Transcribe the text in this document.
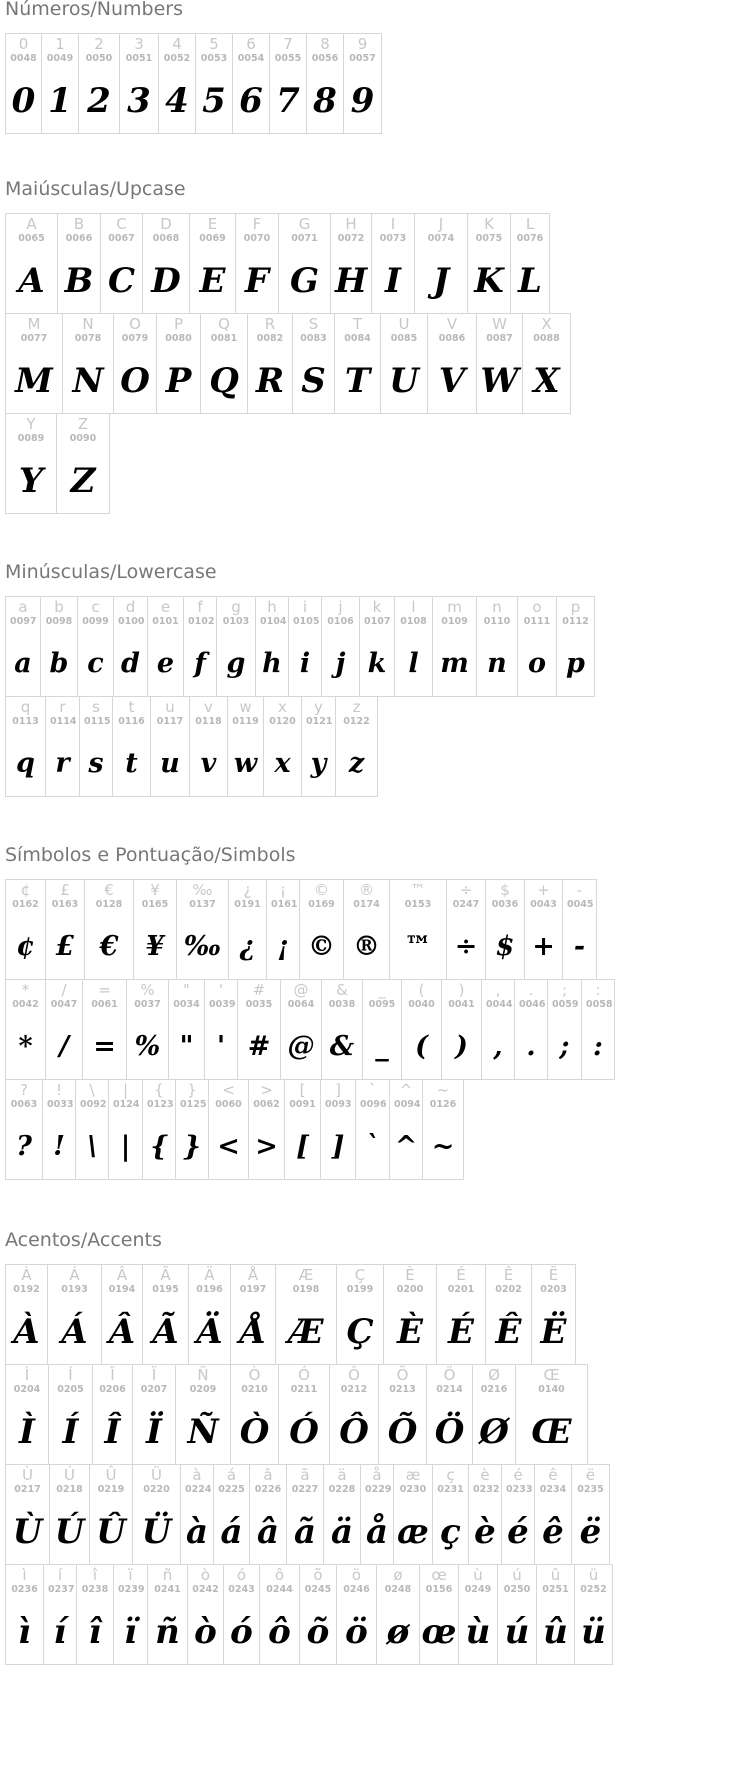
Números/Numbers
0
0048
0
1
0049
1
2
0050
2
3
0051
3
4
0052
4
5
0053
5
6
0054
6
7
0055
7
8
0056
8
9
0057
9
Maiúsculas/Upcase
A
0065
A
B
0066
B
C
0067
C
D
0068
D
E
0069
E
F
0070
F
G
0071
G
H
0072
H
I
0073
I
J
0074
J
K
0075
K
L
0076
L
M
0077
M
N
0078
N
O
0079
O
P
0080
P
Q
0081
Q
R
0082
R
S
0083
S
T
0084
T
U
0085
U
V
0086
V
W
0087
W
X
0088
X
Y
0089
Y
Z
0090
Z
Minúsculas/Lowercase
a
0097
a
b
0098
b
c
0099
c
d
0100
d
e
0101
e
f
0102
f
g
0103
g
h
0104
h
i
0105
i
j
0106
j
k
0107
k
l
0108
l
m
0109
m
n
0110
n
o
0111
o
p
0112
p
q
0113
q
r
0114
r
s
0115
s
t
0116
t
u
0117
u
v
0118
v
w
0119
w
x
0120
x
y
0121
y
z
0122
z
Símbolos e Pontuação/Simbols
¢
0162
¢
£
0163
£
€
0128
€
¥
0165
¥
‰
0137
‰
¿
0191
¿
¡
0161
¡
©
0169
©
®
0174
®
™
0153
™
÷
0247
÷
$
0036
$
+
0043
+
-
0045
-
*
0042
*
/
0047
/
=
0061
=
%
0037
%
"
0034
"
'
0039
'
#
0035
#
@
0064
@
&
0038
&
_
0095
_
(
0040
(
)
0041
)
,
0044
,
.
0046
.
;
0059
;
:
0058
:
?
0063
?
!
0033
!
\
0092
\
|
0124
|
{
0123
{
}
0125
}
<
0060
<
>
0062
>
[
0091
[
]
0093
]
`
0096
`
^
0094
^
~
0126
~
Acentos/Accents
À
0192
À
Á
0193
Á
Â
0194
Â
Ã
0195
Ã
Ä
0196
Ä
Å
0197
Å
Æ
0198
Æ
Ç
0199
Ç
È
0200
È
É
0201
É
Ê
0202
Ê
Ë
0203
Ë
Ì
0204
Ì
Í
0205
Í
Î
0206
Î
Ï
0207
Ï
Ñ
0209
Ñ
Ò
0210
Ò
Ó
0211
Ó
Ô
0212
Ô
Õ
0213
Õ
Ö
0214
Ö
Ø
0216
Ø
Œ
0140
Œ
Ù
0217
Ù
Ú
0218
Ú
Û
0219
Û
Ü
0220
Ü
à
0224
à
á
0225
á
â
0226
â
ã
0227
ã
ä
0228
ä
å
0229
å
æ
0230
æ
ç
0231
ç
è
0232
è
é
0233
é
ê
0234
ê
ë
0235
ë
ì
0236
ì
í
0237
í
î
0238
î
ï
0239
ï
ñ
0241
ñ
ò
0242
ò
ó
0243
ó
ô
0244
ô
õ
0245
õ
ö
0246
ö
ø
0248
ø
œ
0156
œ
ù
0249
ù
ú
0250
ú
û
0251
û
ü
0252
ü
